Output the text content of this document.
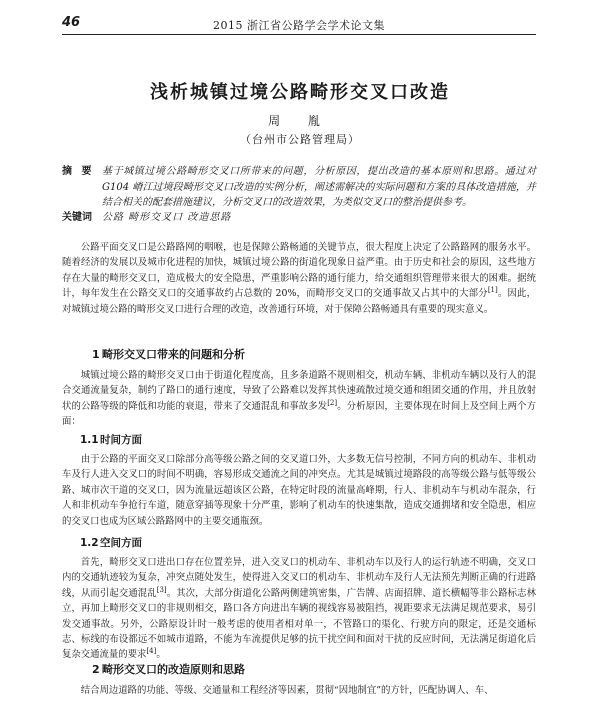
46	2015 浙江省公路学会学术论文集
浅析城镇过境公路畸形交叉口改造
周 胤
（台州市公路管理局）
摘 要 基于城镇过境公路畸形交叉口所带来的问题，分析原因，提出改造的基本原则和思路。通过对G104 嵴江过境段畸形交叉口改造的实例分析，阐述需解决的实际问题和方案的具体改造措施，并结合相关的配套措施建议，分析交叉口的改造效果，为类似交叉口的整治提供参考。
关键词 公路 畸形交叉口 改造思路

公路平面交叉口是公路路网的咽喉，也是保障公路畅通的关键节点，很大程度上决定了公路路网的服务水平。随着经济的发展以及城市化进程的加快，城镇过境公路的街道化现象日益严重。由于历史和社会的原因，这些地方存在大量的畸形交叉口，造成极大的安全隐患，严重影响公路的通行能力，给交通组织管理带来很大的困难。据统计，每年发生在公路交叉口的交通事故约占总数的 20%，而畸形交叉口的交通事故又占其中的大部分[1]。因此，对城镇过境公路的畸形交叉口进行合理的改造，改善通行环境，对于保障公路畅通具有重要的现实意义。

1 畸形交叉口带来的问题和分析

城镇过境公路的畸形交叉口由于街道化程度高，且多条道路不规则相交，机动车辆、非机动车辆以及行人的混合交通流量复杂，制约了路口的通行速度，导致了公路难以发挥其快速疏散过境交通和组团交通的作用，并且放射状的公路等级的降低和功能的衰退，带来了交通混乱和事故多发[2]。分析原因，主要体现在时间上及空间上两个方面：

1.1时间方面

由于公路的平面交叉口除部分高等级公路之间的交叉道口外，大多数无信号控制，不同方向的机动车、非机动车及行人进入交叉口的时间不明确，容易形成交通流之间的冲突点。尤其是城镇过境路段的高等级公路与低等级公路、城市次干道的交叉口，因为流量远超该区公路，在特定时段的流量高峰期，行人、非机动车与机动车混杂，行人和非机动车争抢行车道，随意穿插等现象十分严重，影响了机动车的快速集散，造成交通拥堵和安全隐患，相应的交叉口也成为区域公路路网中的主要交通瓶颈。

1.2空间方面

首先，畸形交叉口进出口存在位置差异，进入交叉口的机动车、非机动车以及行人的运行轨迹不明确，交叉口内的交通轨迹较为复杂，冲突点随处发生，使得进入交叉口的机动车、非机动车及行人无法预先判断正确的行进路线，从而引起交通混乱[3]。其次，大部分街道化公路两侧建筑密集，广告牌、店面招牌、道长横幅等非公路标志林立，再加上畸形交叉口的非规则相交，路口各方向进出车辆的视线容易被阻挡，视距要求无法满足规范要求，易引发交通事故。另外，公路原设计时一般考虑的使用者相对单一，不管路口的渠化、行驶方向的限定，还是交通标志、标线的布设都远不如城市道路，不能为车流提供足够的抗干扰空间和面对干扰的反应时间，无法满足街道化后复杂交通流量的要求[4]。

2 畸形交叉口的改造原则和思路

结合周边道路的功能、等级、交通量和工程经济等因素，贯彻“因地制宜”的方针，匹配协调人、车、
